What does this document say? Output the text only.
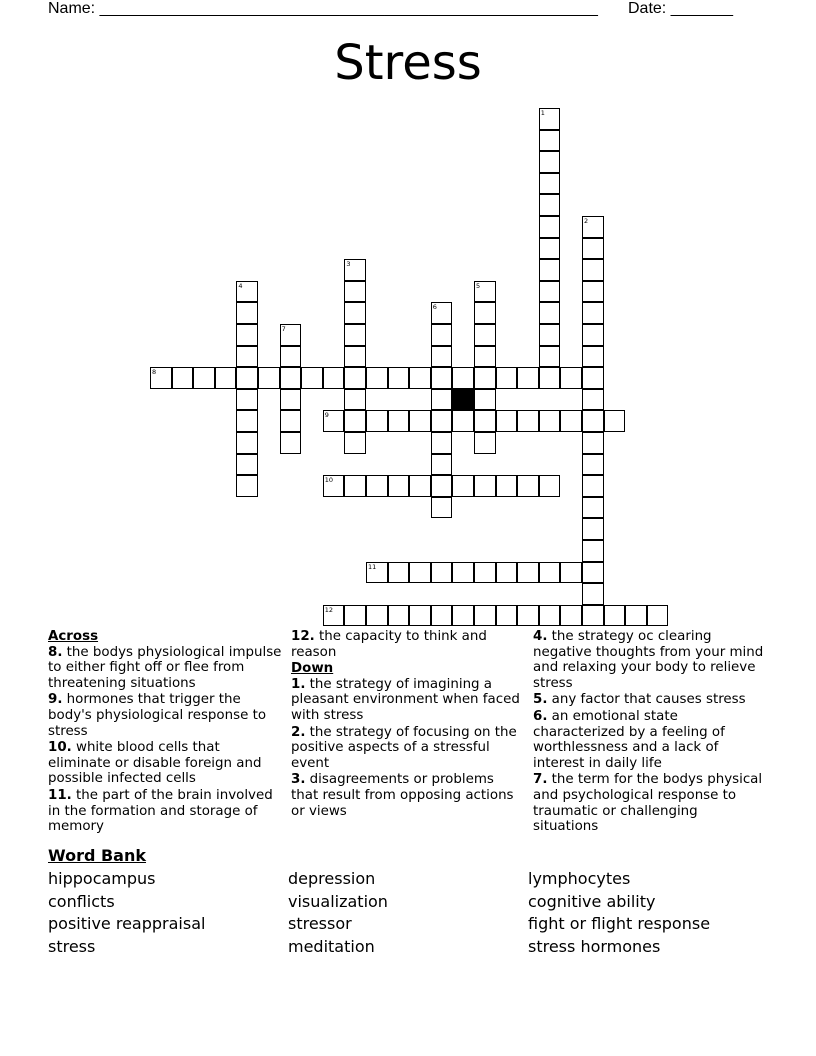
Name: ________________________________________________________ Date: _______
Stress
1
2
3
4	5
6
7
8
9
10
11
12
Across
8. the bodys physiological impulse to either fight off or flee from threatening situations
9. hormones that trigger the body's physiological response to stress
10. white blood cells that eliminate or disable foreign and possible infected cells
11. the part of the brain involved in the formation and storage of memory
12. the capacity to think and reason
Down
1. the strategy of imagining a pleasant environment when faced with stress
2. the strategy of focusing on the positive aspects of a stressful event
3. disagreements or problems that result from opposing actions or views
4. the strategy oc clearing negative thoughts from your mind and relaxing your body to relieve stress
5. any factor that causes stress
6. an emotional state characterized by a feeling of worthlessness and a lack of interest in daily life
7. the term for the bodys physical and psychological response to traumatic or challenging situations
Word Bank
hippocampus
conflicts
positive reappraisal
stress
depression
visualization
stressor
meditation
lymphocytes
cognitive ability
fight or flight response
stress hormones
